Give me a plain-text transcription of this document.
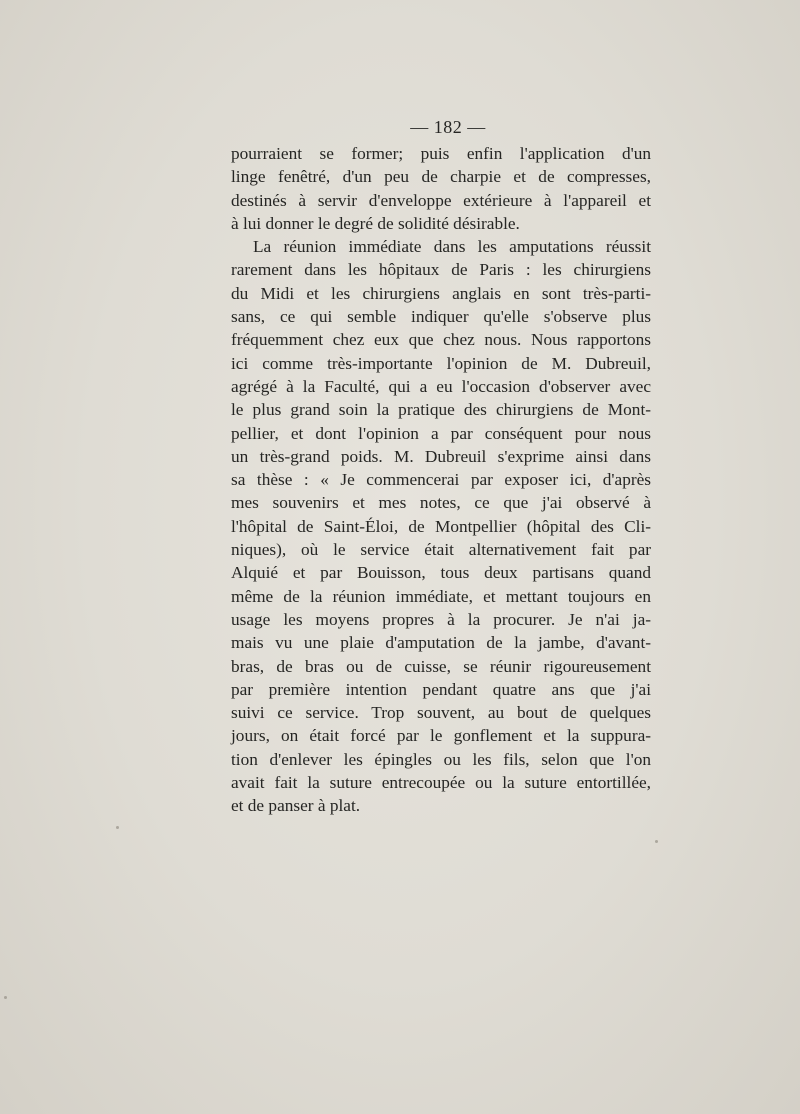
— 182 —
pourraient se former; puis enfin l'application d'un
linge fenêtré, d'un peu de charpie et de compresses,
destinés à servir d'enveloppe extérieure à l'appareil et
à lui donner le degré de solidité désirable.
La réunion immédiate dans les amputations réussit
rarement dans les hôpitaux de Paris : les chirurgiens
du Midi et les chirurgiens anglais en sont très-parti-
sans, ce qui semble indiquer qu'elle s'observe plus
fréquemment chez eux que chez nous. Nous rapportons
ici comme très-importante l'opinion de M. Dubreuil,
agrégé à la Faculté, qui a eu l'occasion d'observer avec
le plus grand soin la pratique des chirurgiens de Mont-
pellier, et dont l'opinion a par conséquent pour nous
un très-grand poids. M. Dubreuil s'exprime ainsi dans
sa thèse : « Je commencerai par exposer ici, d'après
mes souvenirs et mes notes, ce que j'ai observé à
l'hôpital de Saint-Éloi, de Montpellier (hôpital des Cli-
niques), où le service était alternativement fait par
Alquié et par Bouisson, tous deux partisans quand
même de la réunion immédiate, et mettant toujours en
usage les moyens propres à la procurer. Je n'ai ja-
mais vu une plaie d'amputation de la jambe, d'avant-
bras, de bras ou de cuisse, se réunir rigoureusement
par première intention pendant quatre ans que j'ai
suivi ce service. Trop souvent, au bout de quelques
jours, on était forcé par le gonflement et la suppura-
tion d'enlever les épingles ou les fils, selon que l'on
avait fait la suture entrecoupée ou la suture entortillée,
et de panser à plat.
